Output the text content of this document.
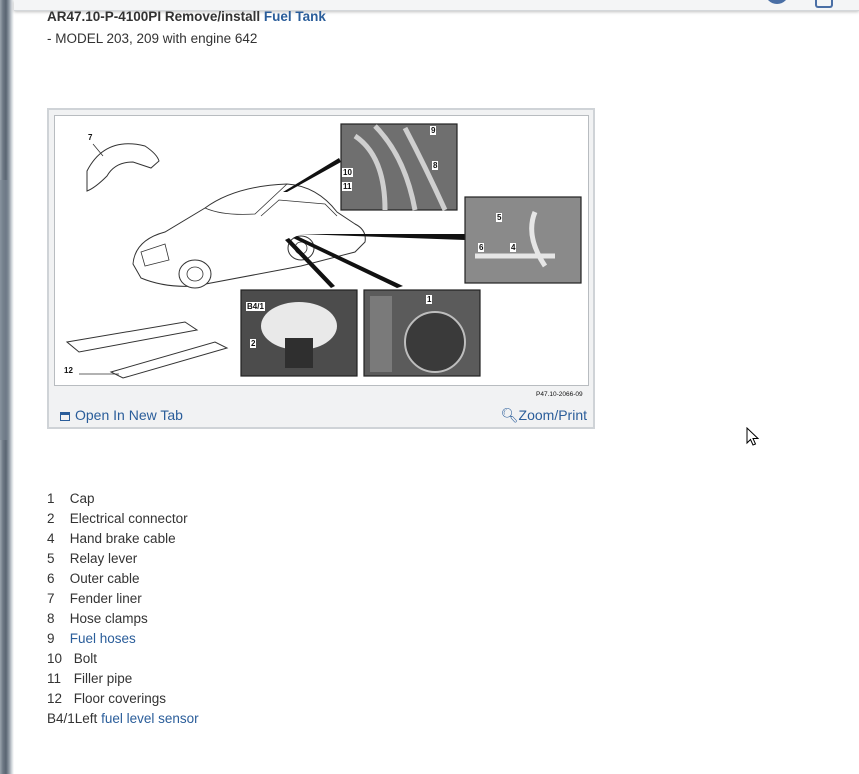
AR47.10-P-4100PI Remove/install Fuel Tank
- MODEL 203, 209 with engine 642
Open In New Tab	🔍︎Zoom/Print
1 Cap
2 Electrical connector
4 Hand brake cable
5 Relay lever
6 Outer cable
7 Fender liner
8 Hose clamps
9 Fuel hoses
10 Bolt
11 Filler pipe
12 Floor coverings
B4/1Left fuel level sensor
7
9
8
10
11
5
6	4
B4/1
2
1
12
P47.10-2066-09
